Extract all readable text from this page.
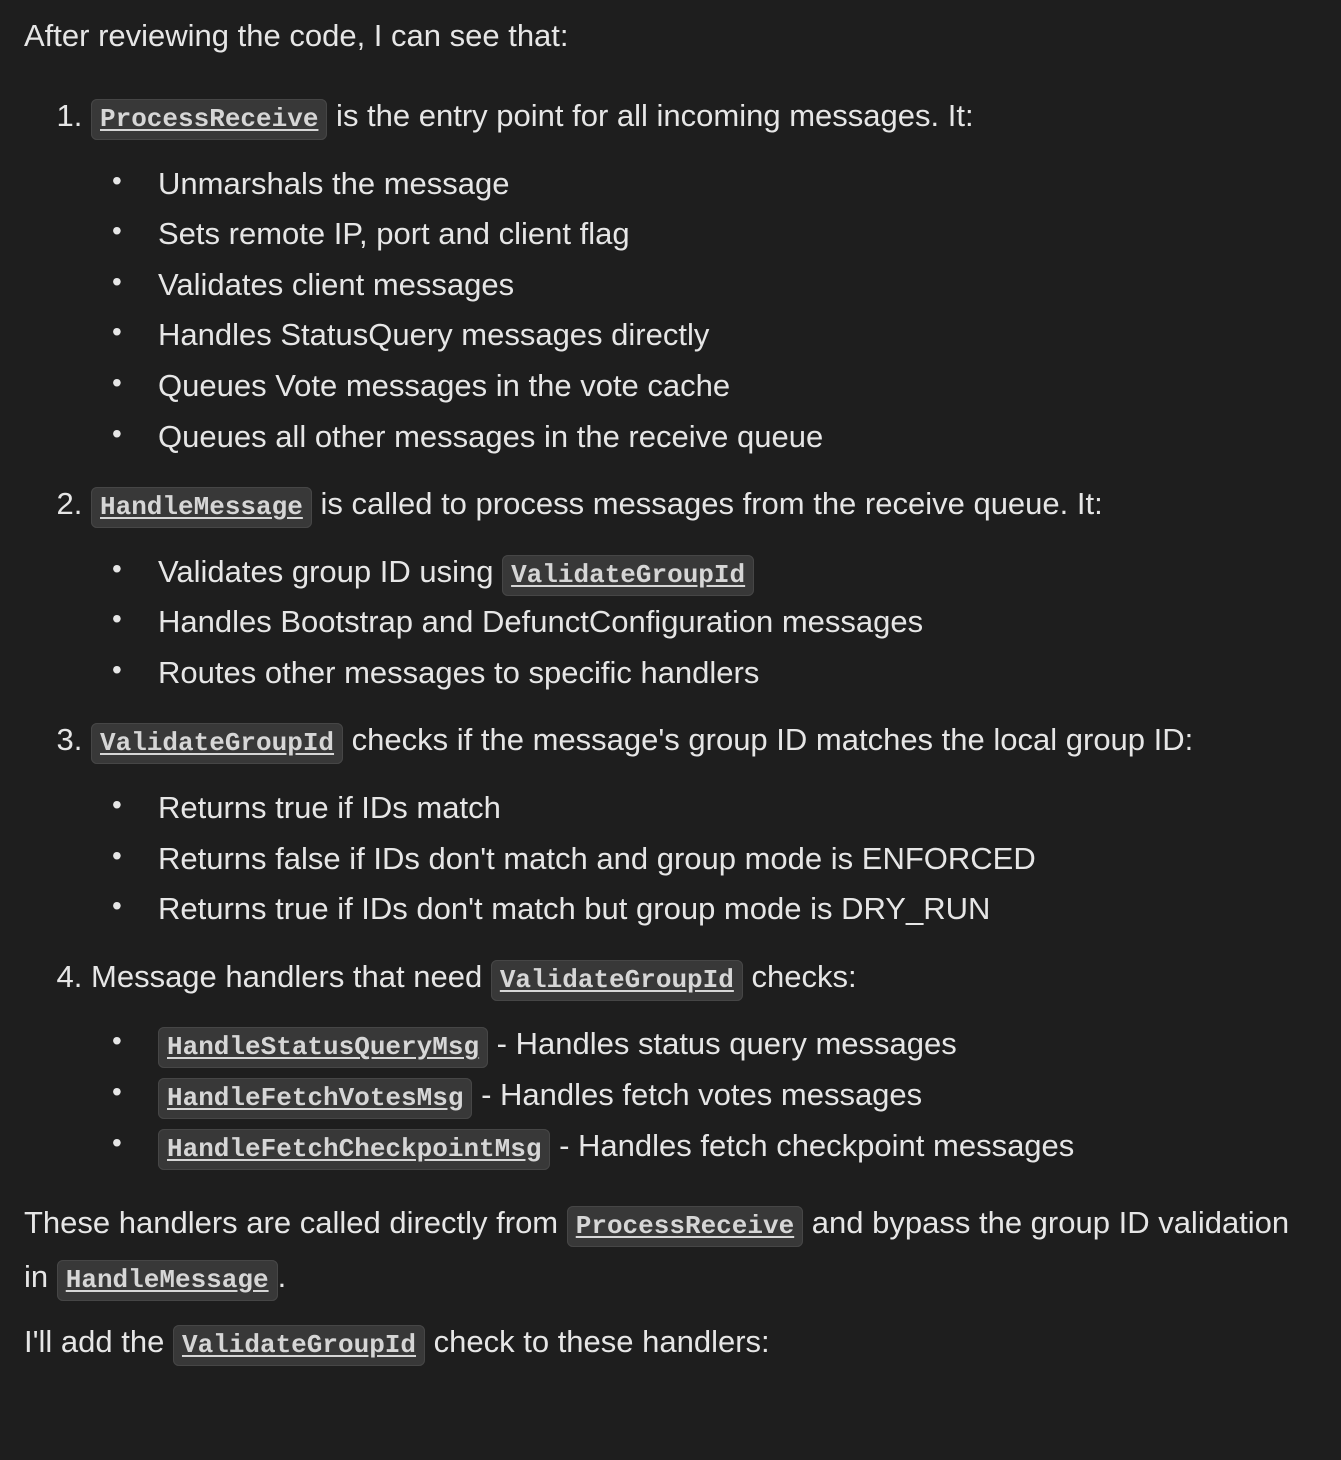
After reviewing the code, I can see that:

1. ProcessReceive is the entry point for all incoming messages. It:
• Unmarshals the message
• Sets remote IP, port and client flag
• Validates client messages
• Handles StatusQuery messages directly
• Queues Vote messages in the vote cache
• Queues all other messages in the receive queue
2. HandleMessage is called to process messages from the receive queue. It:
• Validates group ID using ValidateGroupId
• Handles Bootstrap and DefunctConfiguration messages
• Routes other messages to specific handlers
3. ValidateGroupId checks if the message's group ID matches the local group ID:
• Returns true if IDs match
• Returns false if IDs don't match and group mode is ENFORCED
• Returns true if IDs don't match but group mode is DRY_RUN
4. Message handlers that need ValidateGroupId checks:
• HandleStatusQueryMsg - Handles status query messages
• HandleFetchVotesMsg - Handles fetch votes messages
• HandleFetchCheckpointMsg - Handles fetch checkpoint messages

These handlers are called directly from ProcessReceive and bypass the group ID validation in HandleMessage .

I'll add the ValidateGroupId check to these handlers:
